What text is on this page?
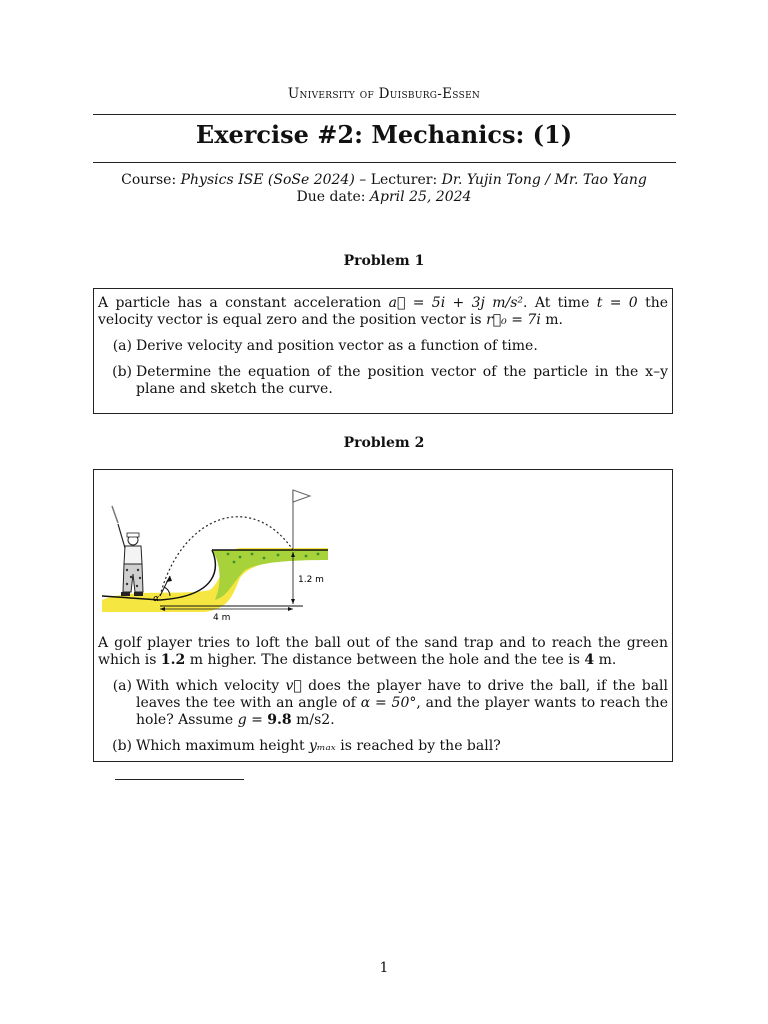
University of Duisburg-Essen
Exercise #2: Mechanics: (1)
Course: Physics ISE (SoSe 2024) – Lecturer: Dr. Yujin Tong / Mr. Tao Yang
Due date: April 25, 2024
Problem 1

A particle has a constant acceleration a⃗ = 5i + 3j m/s². At time t = 0 the velocity vector is equal zero and the position vector is r⃗₀ = 7i m.

(a) Derive velocity and position vector as a function of time.
(b) Determine the equation of the position vector of the particle in the x–y plane and sketch the curve.
Problem 2
α
4 m
1.2 m

A golf player tries to loft the ball out of the sand trap and to reach the green which is 1.2 m higher. The distance between the hole and the tee is 4 m.

(a) With which velocity v⃗ does the player have to drive the ball, if the ball leaves the tee with an angle of α = 50°, and the player wants to reach the hole? Assume g = 9.8 m/s2.
(b) Which maximum height yₘₐₓ is reached by the ball?
1
